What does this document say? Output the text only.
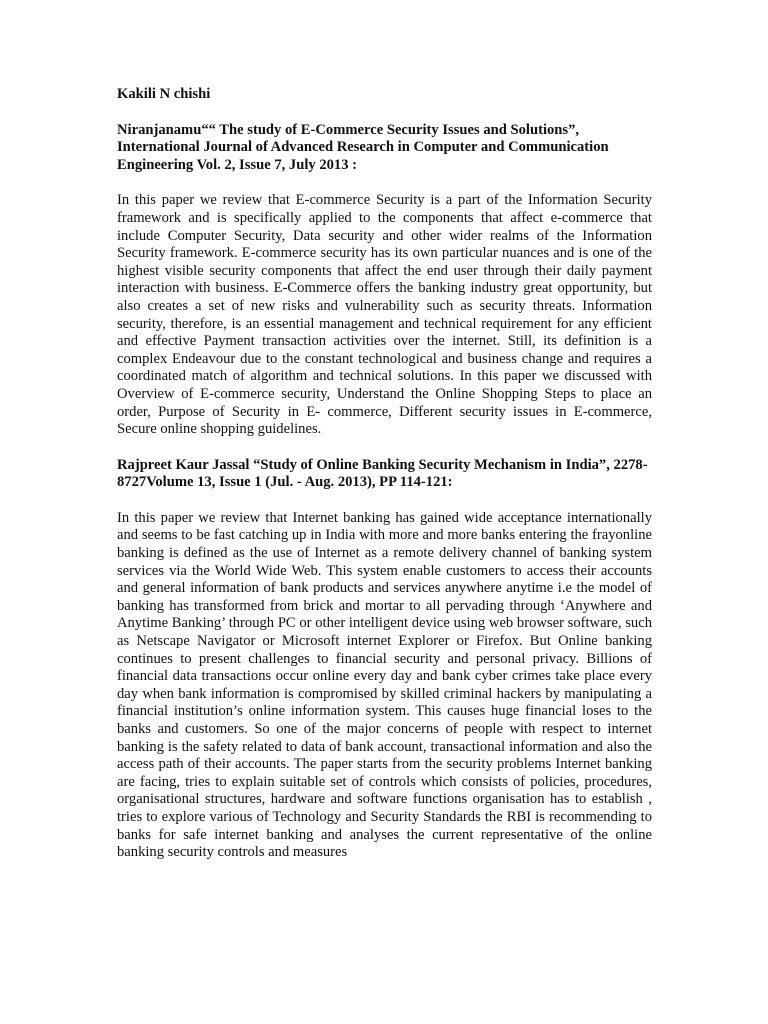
Kakili N chishi

Niranjanamu““ The study of E-Commerce Security Issues and Solutions”, International Journal of Advanced Research in Computer and Communication Engineering Vol. 2, Issue 7, July 2013 :

In this paper we review that E-commerce Security is a part of the Information Security framework and is specifically applied to the components that affect e-commerce that include Computer Security, Data security and other wider realms of the Information Security framework. E-commerce security has its own particular nuances and is one of the highest visible security components that affect the end user through their daily payment interaction with business. E-Commerce offers the banking industry great opportunity, but also creates a set of new risks and vulnerability such as security threats. Information security, therefore, is an essential management and technical requirement for any efficient and effective Payment transaction activities over the internet. Still, its definition is a complex Endeavour due to the constant technological and business change and requires a coordinated match of algorithm and technical solutions. In this paper we discussed with Overview of E-commerce security, Understand the Online Shopping Steps to place an order, Purpose of Security in E- commerce, Different security issues in E-commerce, Secure online shopping guidelines.

Rajpreet Kaur Jassal “Study of Online Banking Security Mechanism in India”, 2278-8727Volume 13, Issue 1 (Jul. - Aug. 2013), PP 114-121:

In this paper we review that Internet banking has gained wide acceptance internationally and seems to be fast catching up in India with more and more banks entering the frayonline banking is defined as the use of Internet as a remote delivery channel of banking system services via the World Wide Web. This system enable customers to access their accounts and general information of bank products and services anywhere anytime i.e the model of banking has transformed from brick and mortar to all pervading through ‘Anywhere and Anytime Banking’ through PC or other intelligent device using web browser software, such as Netscape Navigator or Microsoft internet Explorer or Firefox. But Online banking continues to present challenges to financial security and personal privacy. Billions of financial data transactions occur online every day and bank cyber crimes take place every day when bank information is compromised by skilled criminal hackers by manipulating a financial institution’s online information system. This causes huge financial loses to the banks and customers. So one of the major concerns of people with respect to internet banking is the safety related to data of bank account, transactional information and also the access path of their accounts. The paper starts from the security problems Internet banking are facing, tries to explain suitable set of controls which consists of policies, procedures, organisational structures, hardware and software functions organisation has to establish , tries to explore various of Technology and Security Standards the RBI is recommending to banks for safe internet banking and analyses the current representative of the online banking security controls and measures
